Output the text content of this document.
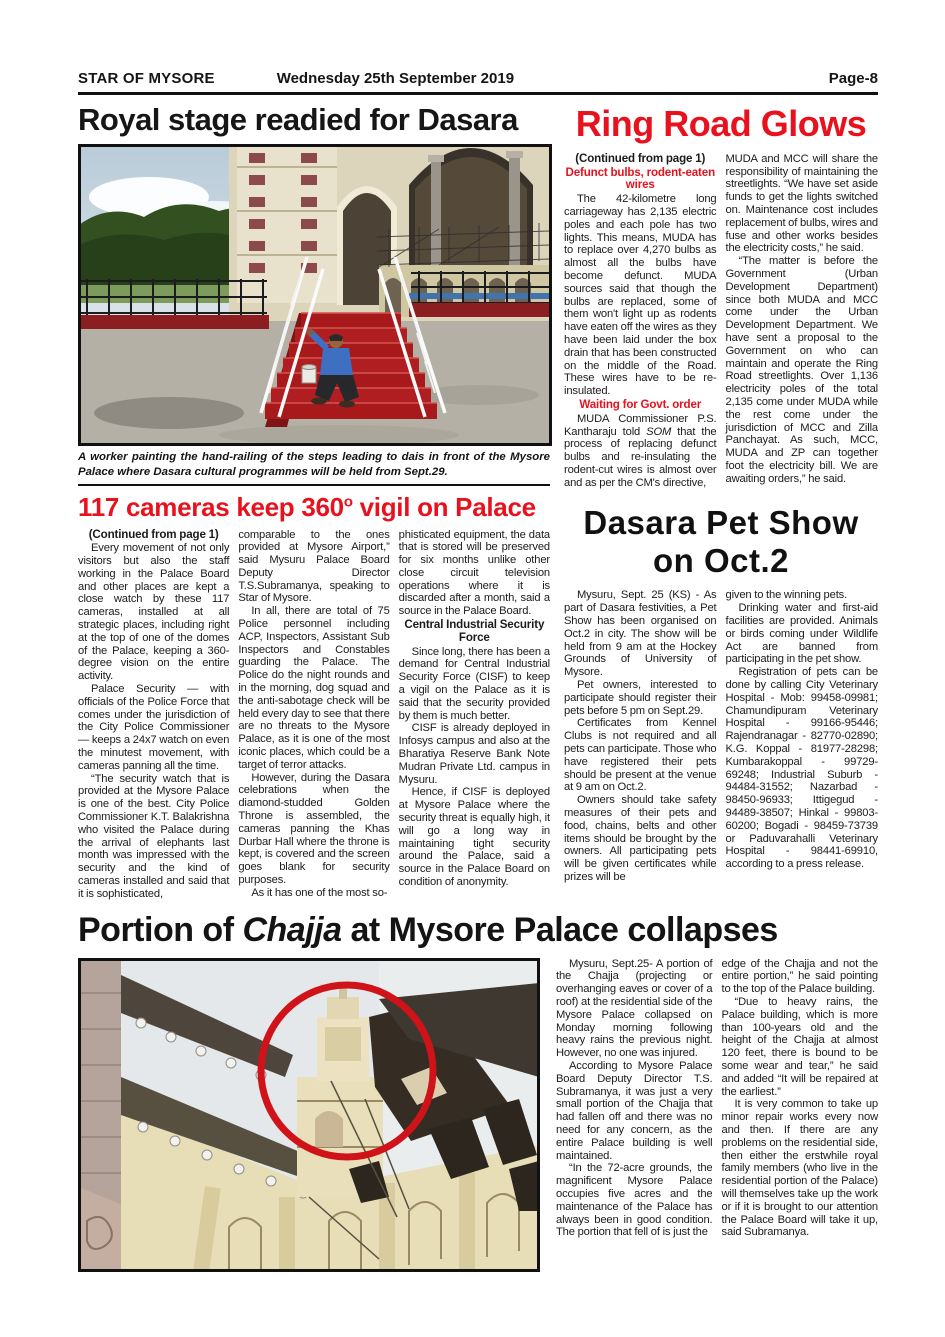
STAR OF MYSORE	Wednesday 25th September 2019	Page-8
Royal stage readied for Dasara

A worker painting the hand-railing of the steps leading to dais in front of the Mysore Palace where Dasara cultural programmes will be held from Sept.29.

117 cameras keep 360$^o$ vigil on Palace

(Continued from page 1)

Every movement of not only visitors but also the staff working in the Palace Board and other places are kept a close watch by these 117 cameras, installed at all strategic places, including right at the top of one of the domes of the Palace, keeping a 360-degree vision on the entire activity.

Palace Security — with officials of the Police Force that comes under the jurisdiction of the City Police Commissioner — keeps a 24x7 watch on even the minutest movement, with cameras panning all the time.

“The security watch that is provided at the Mysore Palace is one of the best. City Police Commissioner K.T. Balakrishna who visited the Palace during the arrival of elephants last month was impressed with the security and the kind of cameras installed and said that it is sophisticated,

comparable to the ones provided at Mysore Airport,” said Mysuru Palace Board Deputy Director T.S.Subramanya, speaking to Star of Mysore.

In all, there are total of 75 Police personnel including ACP, Inspectors, Assistant Sub Inspectors and Constables guarding the Palace. The Police do the night rounds and in the morning, dog squad and the anti-sabotage check will be held every day to see that there are no threats to the Mysore Palace, as it is one of the most iconic places, which could be a target of terror attacks.

However, during the Dasara celebrations when the diamond-studded Golden Throne is assembled, the cameras panning the Khas Durbar Hall where the throne is kept, is covered and the screen goes blank for security purposes.

As it has one of the most so-

phisticated equipment, the data that is stored will be preserved for six months unlike other close circuit television operations where it is discarded after a month, said a source in the Palace Board.

Central Industrial Security Force

Since long, there has been a demand for Central Industrial Security Force (CISF) to keep a vigil on the Palace as it is said that the security provided by them is much better.

CISF is already deployed in Infosys campus and also at the Bharatiya Reserve Bank Note Mudran Private Ltd. campus in Mysuru.

Hence, if CISF is deployed at Mysore Palace where the security threat is equally high, it will go a long way in maintaining tight security around the Palace, said a source in the Palace Board on condition of anonymity.

Ring Road Glows

(Continued from page 1)

Defunct bulbs, rodent-eaten wires

The 42-kilometre long carriageway has 2,135 electric poles and each pole has two lights. This means, MUDA has to replace over 4,270 bulbs as almost all the bulbs have become defunct. MUDA sources said that though the bulbs are replaced, some of them won't light up as rodents have eaten off the wires as they have been laid under the box drain that has been constructed on the middle of the Road. These wires have to be re-insulated.

Waiting for Govt. order

MUDA Commissioner P.S. Kantharaju told SOM that the process of replacing defunct bulbs and re-insulating the rodent-cut wires is almost over and as per the CM's directive,

MUDA and MCC will share the responsibility of maintaining the streetlights. “We have set aside funds to get the lights switched on. Maintenance cost includes replacement of bulbs, wires and fuse and other works besides the electricity costs,” he said.

“The matter is before the Government (Urban Development Department) since both MUDA and MCC come under the Urban Development Department. We have sent a proposal to the Government on who can maintain and operate the Ring Road streetlights. Over 1,136 electricity poles of the total 2,135 come under MUDA while the rest come under the jurisdiction of MCC and Zilla Panchayat. As such, MCC, MUDA and ZP can together foot the electricity bill. We are awaiting orders,” he said.

Dasara Pet Show
on Oct.2

Mysuru, Sept. 25 (KS) - As part of Dasara festivities, a Pet Show has been organised on Oct.2 in city. The show will be held from 9 am at the Hockey Grounds of University of Mysore.

Pet owners, interested to participate should register their pets before 5 pm on Sept.29.

Certificates from Kennel Clubs is not required and all pets can participate. Those who have registered their pets should be present at the venue at 9 am on Oct.2.

Owners should take safety measures of their pets and food, chains, belts and other items should be brought by the owners. All participating pets will be given certificates while prizes will be

given to the winning pets.

Drinking water and first-aid facilities are provided. Animals or birds coming under Wildlife Act are banned from participating in the pet show.

Registration of pets can be done by calling City Veterinary Hospital - Mob: 99458-09981; Chamundipuram Veterinary Hospital - 99166-95446; Rajendranagar - 82770-02890; K.G. Koppal - 81977-28298; Kumbarakoppal - 99729-69248; Industrial Suburb - 94484-31552; Nazarbad - 98450-96933; Ittigegud - 94489-38507; Hinkal - 99803-60200; Bogadi - 98459-73739 or Paduvarahalli Veterinary Hospital - 98441-69910, according to a press release.

Portion of Chajja at Mysore Palace collapses

Mysuru, Sept.25- A portion of the Chajja (projecting or overhanging eaves or cover of a roof) at the residential side of the Mysore Palace collapsed on Monday morning following heavy rains the previous night. However, no one was injured.

According to Mysore Palace Board Deputy Director T.S. Subramanya, it was just a very small portion of the Chajja that had fallen off and there was no need for any concern, as the entire Palace building is well maintained.

“In the 72-acre grounds, the magnificent Mysore Palace occupies five acres and the maintenance of the Palace has always been in good condition. The portion that fell of is just the

edge of the Chajja and not the entire portion,” he said pointing to the top of the Palace building.

“Due to heavy rains, the Palace building, which is more than 100-years old and the height of the Chajja at almost 120 feet, there is bound to be some wear and tear,” he said and added “It will be repaired at the earliest.”

It is very common to take up minor repair works every now and then. If there are any problems on the residential side, then either the erstwhile royal family members (who live in the residential portion of the Palace) will themselves take up the work or if it is brought to our attention the Palace Board will take it up, said Subramanya.
